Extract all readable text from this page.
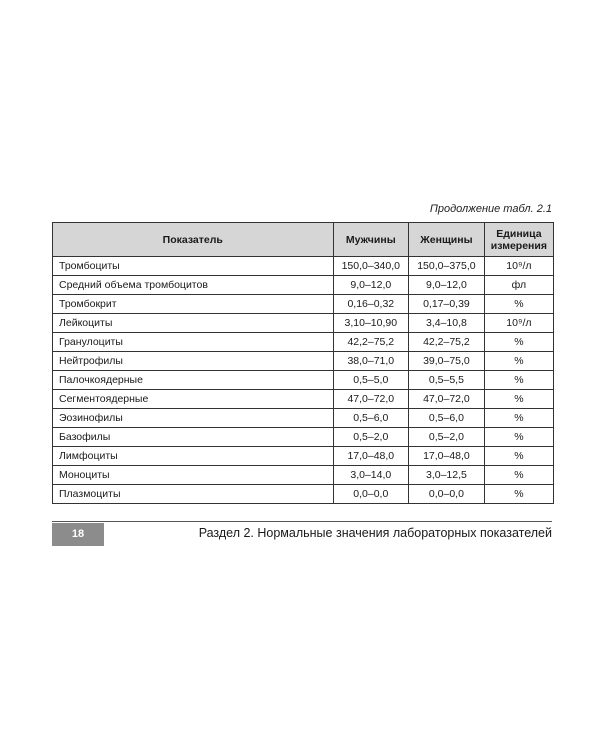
Продолжение табл. 2.1
Показатель	Мужчины	Женщины	Единица
измерения
Тромбоциты	150,0–340,0	150,0–375,0	10⁹/л
Средний объема тромбоцитов	9,0–12,0	9,0–12,0	фл
Тромбокрит	0,16–0,32	0,17–0,39	%
Лейкоциты	3,10–10,90	3,4–10,8	10⁹/л
Гранулоциты	42,2–75,2	42,2–75,2	%
Нейтрофилы	38,0–71,0	39,0–75,0	%
Палочкоядерные	0,5–5,0	0,5–5,5	%
Сегментоядерные	47,0–72,0	47,0–72,0	%
Эозинофилы	0,5–6,0	0,5–6,0	%
Базофилы	0,5–2,0	0,5–2,0	%
Лимфоциты	17,0–48,0	17,0–48,0	%
Моноциты	3,0–14,0	3,0–12,5	%
Плазмоциты	0,0–0,0	0,0–0,0	%
18	Раздел 2. Нормальные значения лабораторных показателей
